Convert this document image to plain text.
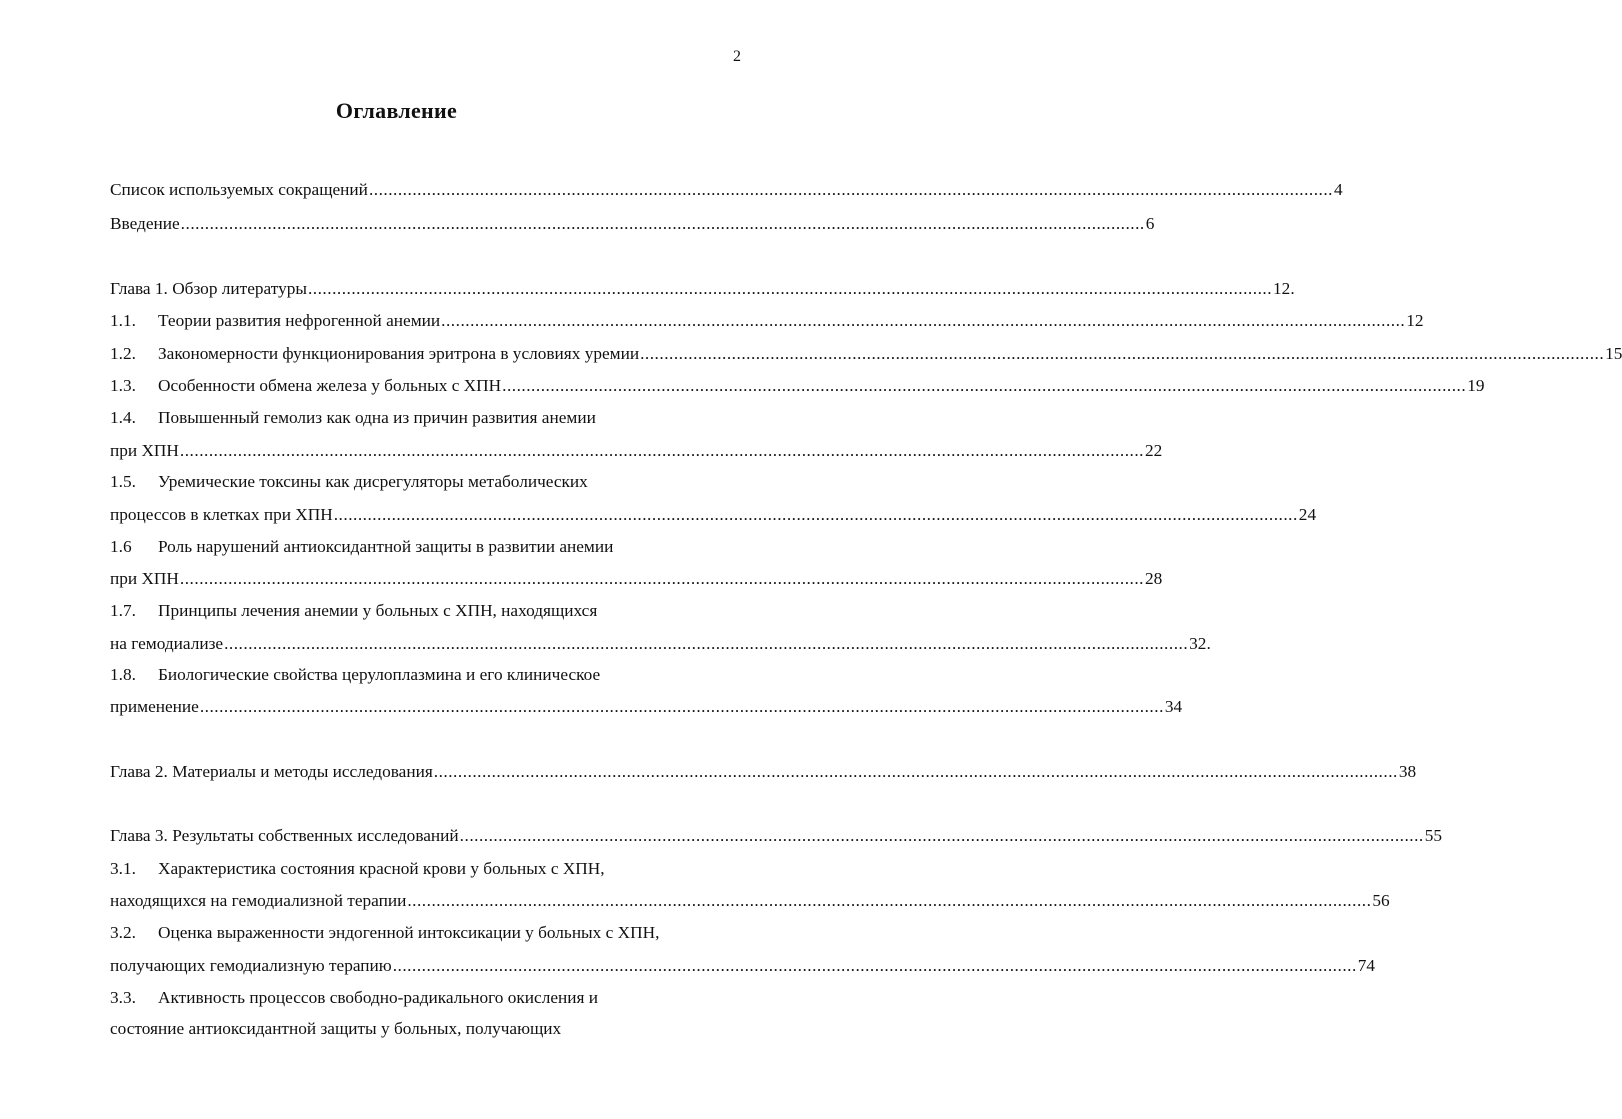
2
Оглавление
Список используемых сокращений ........................................................................................................................................................................................................ 4
Введение ........................................................................................................................................................................................................ 6
Глава 1. Обзор литературы ........................................................................................................................................................................................................ 12.
1.1.	Теории развития нефрогенной анемии ........................................................................................................................................................................................................ 12
1.2.	Закономерности функционирования эритрона в условиях уремии ........................................................................................................................................................................................................ 15
1.3.	Особенности обмена железа у больных с ХПН ........................................................................................................................................................................................................ 19
1.4.	Повышенный гемолиз как одна из причин развития анемии
при ХПН ........................................................................................................................................................................................................ 22
1.5.	Уремические токсины как дисрегуляторы метаболических
процессов в клетках при ХПН ........................................................................................................................................................................................................ 24
1.6	Роль нарушений антиоксидантной защиты в развитии анемии
при ХПН ........................................................................................................................................................................................................ 28
1.7.	Принципы лечения анемии у больных с ХПН, находящихся
на гемодиализе ........................................................................................................................................................................................................ 32.
1.8.	Биологические свойства церулоплазмина и его клиническое
применение ........................................................................................................................................................................................................ 34
Глава 2. Материалы и методы исследования ........................................................................................................................................................................................................ 38
Глава 3. Результаты собственных исследований ........................................................................................................................................................................................................ 55
3.1.	Характеристика состояния красной крови у больных с ХПН,
находящихся на гемодиализной терапии ........................................................................................................................................................................................................ 56
3.2.	Оценка выраженности эндогенной интоксикации у больных с ХПН,
получающих гемодиализную терапию ........................................................................................................................................................................................................ 74
3.3.	Активность процессов свободно-радикального окисления и
состояние антиоксидантной защиты у больных, получающих
